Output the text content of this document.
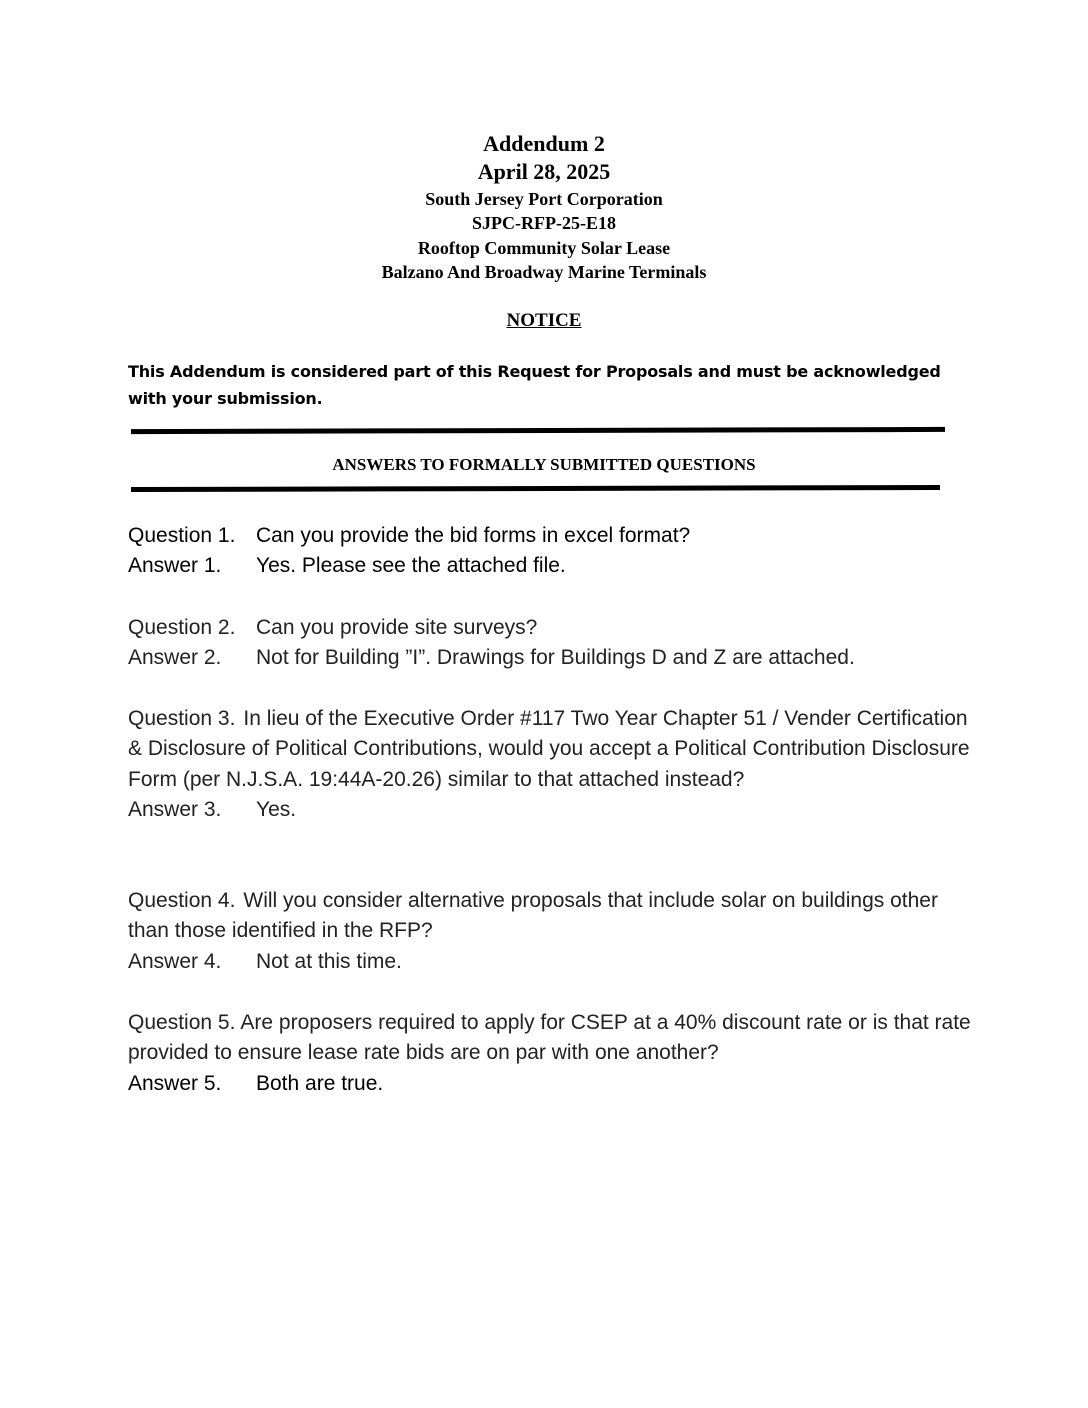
Addendum 2
April 28, 2025
South Jersey Port Corporation
SJPC-RFP-25-E18
Rooftop Community Solar Lease
Balzano And Broadway Marine Terminals
NOTICE
This Addendum is considered part of this Request for Proposals and must be acknowledged with your submission.
ANSWERS TO FORMALLY SUBMITTED QUESTIONS
Question 1. Can you provide the bid forms in excel format?
Answer 1. Yes. Please see the attached file.
Question 2. Can you provide site surveys?
Answer 2. Not for Building ”I”. Drawings for Buildings D and Z are attached.
Question 3. In lieu of the Executive Order #117 Two Year Chapter 51 / Vender Certification & Disclosure of Political Contributions, would you accept a Political Contribution Disclosure Form (per N.J.S.A. 19:44A-20.26) similar to that attached instead?
Answer 3. Yes.
Question 4. Will you consider alternative proposals that include solar on buildings other than those identified in the RFP?
Answer 4. Not at this time.
Question 5. Are proposers required to apply for CSEP at a 40% discount rate or is that rate provided to ensure lease rate bids are on par with one another?
Answer 5. Both are true.
